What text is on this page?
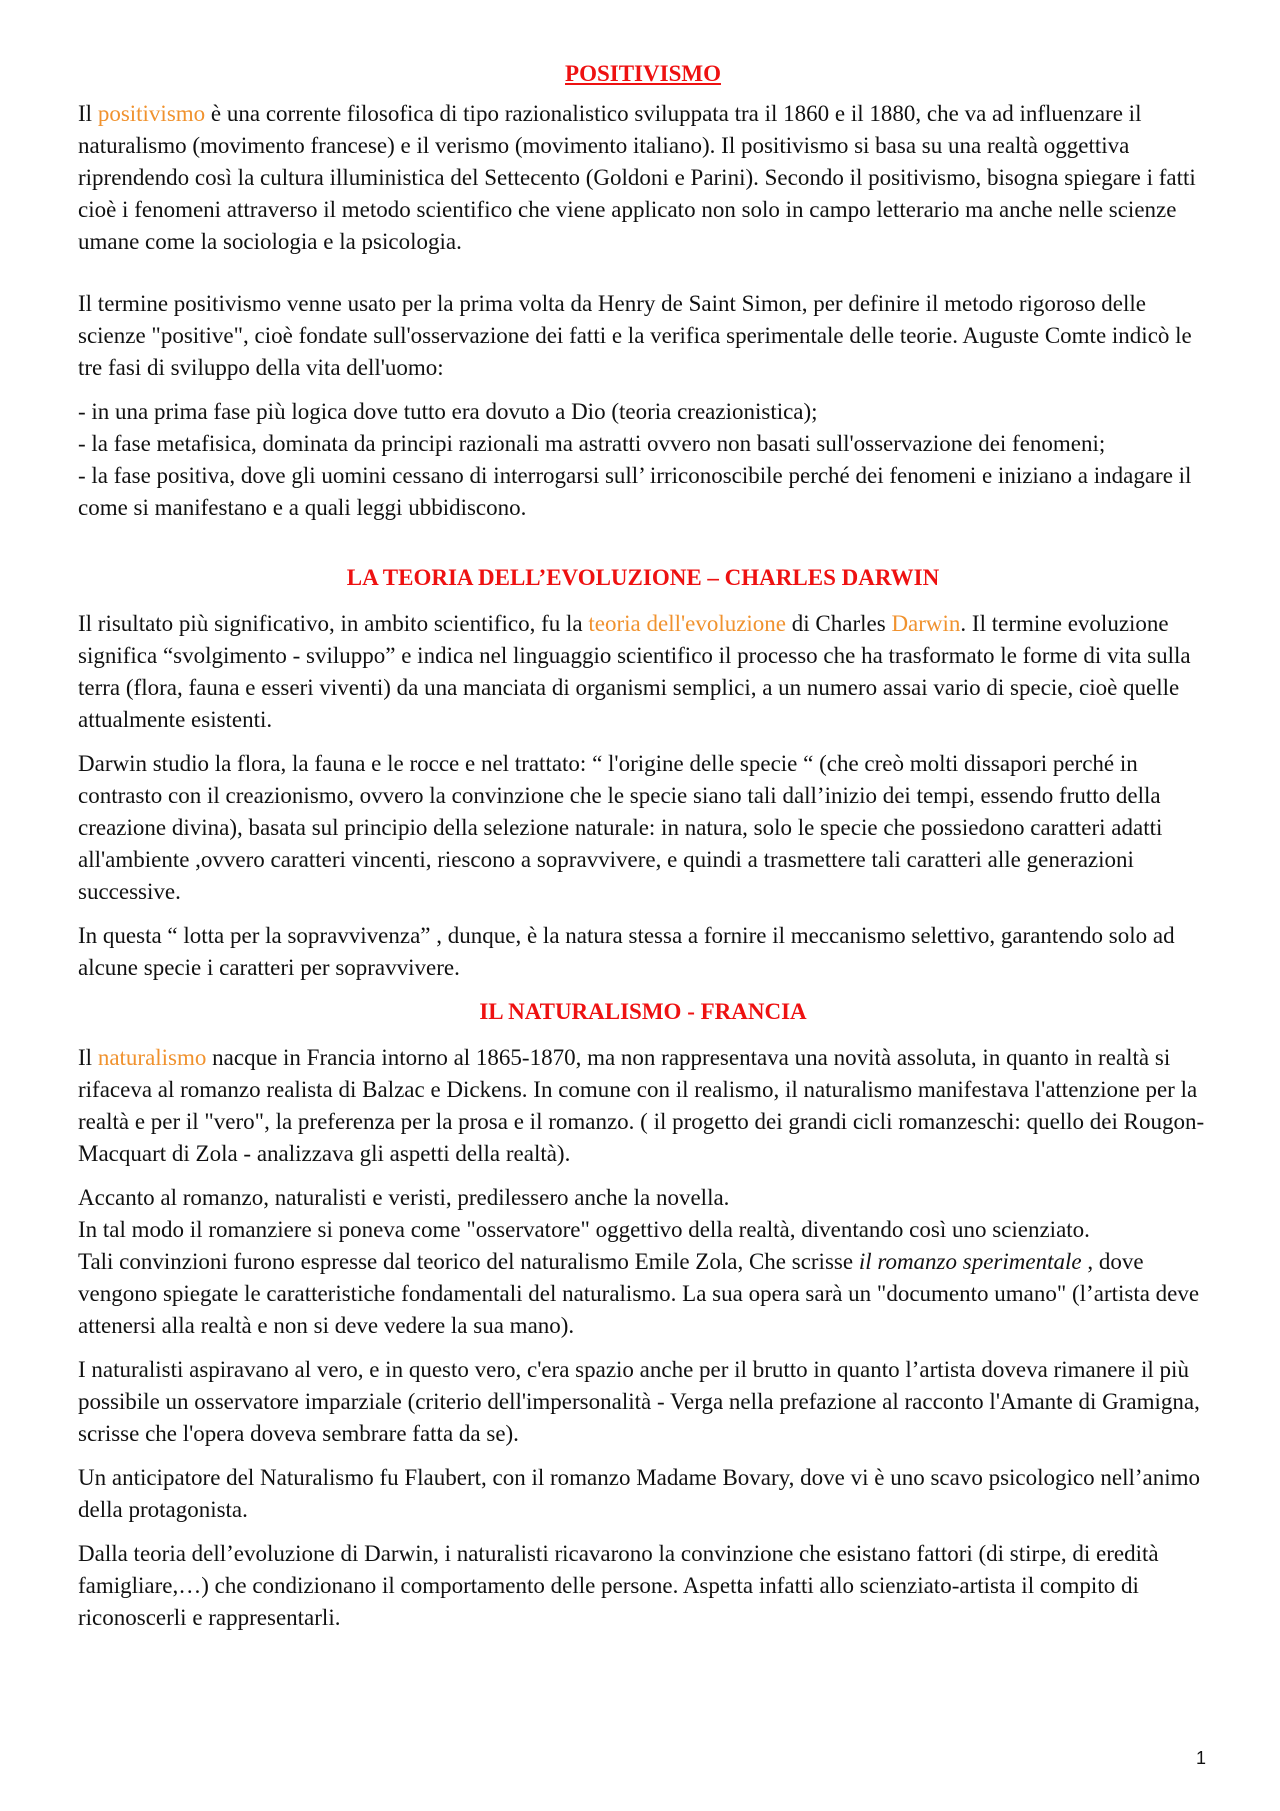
POSITIVISMO

Il positivismo è una corrente filosofica di tipo razionalistico sviluppata tra il 1860 e il 1880, che va ad influenzare il naturalismo (movimento francese) e il verismo (movimento italiano). Il positivismo si basa su una realtà oggettiva riprendendo così la cultura illuministica del Settecento (Goldoni e Parini). Secondo il positivismo, bisogna spiegare i fatti cioè i fenomeni attraverso il metodo scientifico che viene applicato non solo in campo letterario ma anche nelle scienze umane come la sociologia e la psicologia.

Il termine positivismo venne usato per la prima volta da Henry de Saint Simon, per definire il metodo rigoroso delle scienze "positive", cioè fondate sull'osservazione dei fatti e la verifica sperimentale delle teorie. Auguste Comte indicò le tre fasi di sviluppo della vita dell'uomo:

- in una prima fase più logica dove tutto era dovuto a Dio (teoria creazionistica);

- la fase metafisica, dominata da principi razionali ma astratti ovvero non basati sull'osservazione dei fenomeni;

- la fase positiva, dove gli uomini cessano di interrogarsi sull’ irriconoscibile perché dei fenomeni e iniziano a indagare il come si manifestano e a quali leggi ubbidiscono.

LA TEORIA DELL’EVOLUZIONE – CHARLES DARWIN

Il risultato più significativo, in ambito scientifico, fu la teoria dell'evoluzione di Charles Darwin. Il termine evoluzione significa “svolgimento - sviluppo” e indica nel linguaggio scientifico il processo che ha trasformato le forme di vita sulla terra (flora, fauna e esseri viventi) da una manciata di organismi semplici, a un numero assai vario di specie, cioè quelle attualmente esistenti.

Darwin studio la flora, la fauna e le rocce e nel trattato: “ l'origine delle specie “ (che creò molti dissapori perché in contrasto con il creazionismo, ovvero la convinzione che le specie siano tali dall’inizio dei tempi, essendo frutto della creazione divina), basata sul principio della selezione naturale: in natura, solo le specie che possiedono caratteri adatti all'ambiente ,ovvero caratteri vincenti, riescono a sopravvivere, e quindi a trasmettere tali caratteri alle generazioni successive.

In questa “ lotta per la sopravvivenza” , dunque, è la natura stessa a fornire il meccanismo selettivo, garantendo solo ad alcune specie i caratteri per sopravvivere.

IL NATURALISMO - FRANCIA

Il naturalismo nacque in Francia intorno al 1865-1870, ma non rappresentava una novità assoluta, in quanto in realtà si rifaceva al romanzo realista di Balzac e Dickens. In comune con il realismo, il naturalismo manifestava l'attenzione per la realtà e per il "vero", la preferenza per la prosa e il romanzo. ( il progetto dei grandi cicli romanzeschi: quello dei Rougon- Macquart di Zola - analizzava gli aspetti della realtà).

Accanto al romanzo, naturalisti e veristi, predilessero anche la novella.

In tal modo il romanziere si poneva come "osservatore" oggettivo della realtà, diventando così uno scienziato.

Tali convinzioni furono espresse dal teorico del naturalismo Emile Zola, Che scrisse il romanzo sperimentale , dove vengono spiegate le caratteristiche fondamentali del naturalismo. La sua opera sarà un "documento umano" (l’artista deve attenersi alla realtà e non si deve vedere la sua mano).

I naturalisti aspiravano al vero, e in questo vero, c'era spazio anche per il brutto in quanto l’artista doveva rimanere il più possibile un osservatore imparziale (criterio dell'impersonalità - Verga nella prefazione al racconto l'Amante di Gramigna, scrisse che l'opera doveva sembrare fatta da se).

Un anticipatore del Naturalismo fu Flaubert, con il romanzo Madame Bovary, dove vi è uno scavo psicologico nell’animo della protagonista.

Dalla teoria dell’evoluzione di Darwin, i naturalisti ricavarono la convinzione che esistano fattori (di stirpe, di eredità famigliare,…) che condizionano il comportamento delle persone. Aspetta infatti allo scienziato-artista il compito di riconoscerli e rappresentarli.

1
